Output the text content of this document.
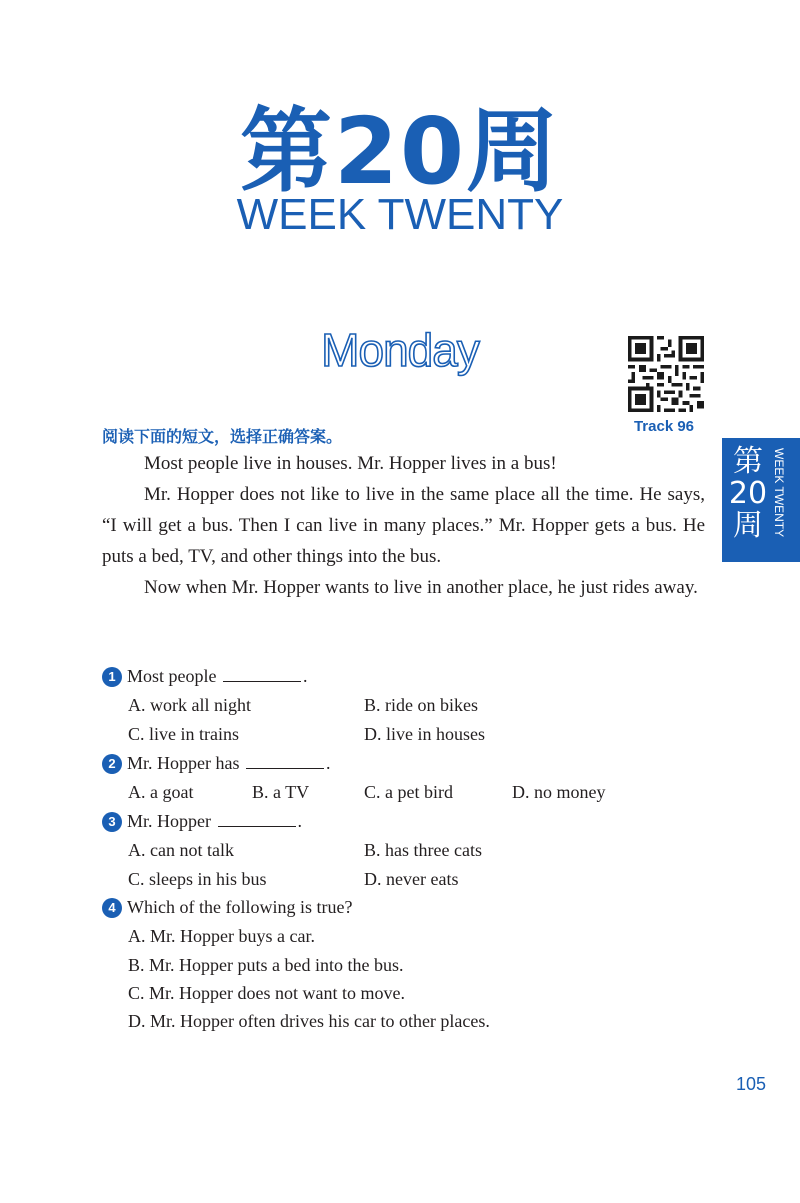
第20周
WEEK TWENTY
Monday
Track 96
第20周 WEEK TWENTY
阅读下面的短文，选择正确答案。

Most people live in houses. Mr. Hopper lives in a bus!

Mr. Hopper does not like to live in the same place all the time. He says, “I will get a bus. Then I can live in many places.” Mr. Hopper gets a bus. He puts a bed, TV, and other things into the bus.

Now when Mr. Hopper wants to live in another place, he just rides away.

1 Most people	.
A. work all night	B. ride on bikes
C. live in trains	D. live in houses
2 Mr. Hopper has	.
A. a goat	B. a TV	C. a pet bird	D. no money
3 Mr. Hopper	.
A. can not talk	B. has three cats
C. sleeps in his bus	D. never eats
4 Which of the following is true?
A. Mr. Hopper buys a car.
B. Mr. Hopper puts a bed into the bus.
C. Mr. Hopper does not want to move.
D. Mr. Hopper often drives his car to other places.
105
